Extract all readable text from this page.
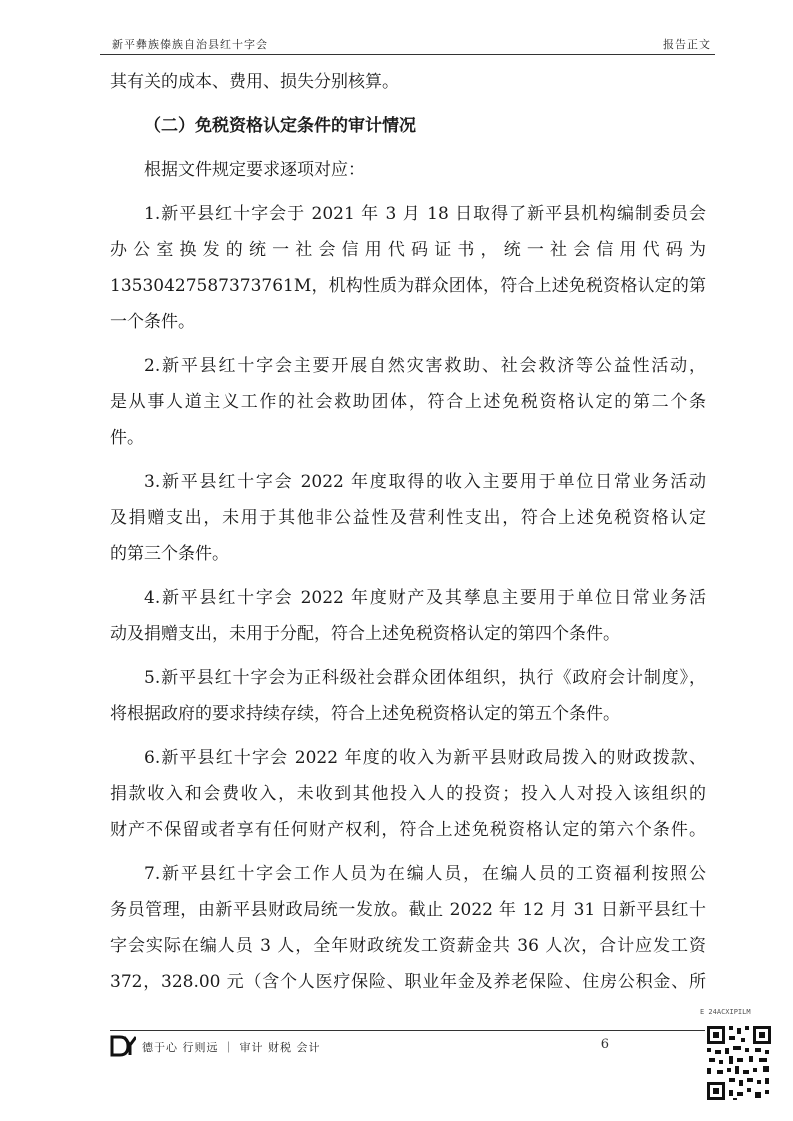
新平彝族傣族自治县红十字会	报告正文

其有关的成本、费用、损失分别核算。

（二）免税资格认定条件的审计情况

根据文件规定要求逐项对应：

1.新平县红十字会于 2021 年 3 月 18 日取得了新平县机构编制委员会

办公室换发的统一社会信用代码证书，统一社会信用代码为

13530427587373761M，机构性质为群众团体，符合上述免税资格认定的第

一个条件。

2.新平县红十字会主要开展自然灾害救助、社会救济等公益性活动，

是从事人道主义工作的社会救助团体，符合上述免税资格认定的第二个条

件。

3.新平县红十字会 2022 年度取得的收入主要用于单位日常业务活动

及捐赠支出，未用于其他非公益性及营利性支出，符合上述免税资格认定

的第三个条件。

4.新平县红十字会 2022 年度财产及其孳息主要用于单位日常业务活

动及捐赠支出，未用于分配，符合上述免税资格认定的第四个条件。

5.新平县红十字会为正科级社会群众团体组织，执行《政府会计制度》，

将根据政府的要求持续存续，符合上述免税资格认定的第五个条件。

6.新平县红十字会 2022 年度的收入为新平县财政局拨入的财政拨款、

捐款收入和会费收入，未收到其他投入人的投资；投入人对投入该组织的

财产不保留或者享有任何财产权利，符合上述免税资格认定的第六个条件。

7.新平县红十字会工作人员为在编人员，在编人员的工资福利按照公

务员管理，由新平县财政局统一发放。截止 2022 年 12 月 31 日新平县红十

字会实际在编人员 3 人，全年财政统发工资薪金共 36 人次，合计应发工资

372，328.00 元（含个人医疗保险、职业年金及养老保险、住房公积金、所

德于心 行则远 ｜ 审计 财税 会计	6
E 24ACXIPILM
